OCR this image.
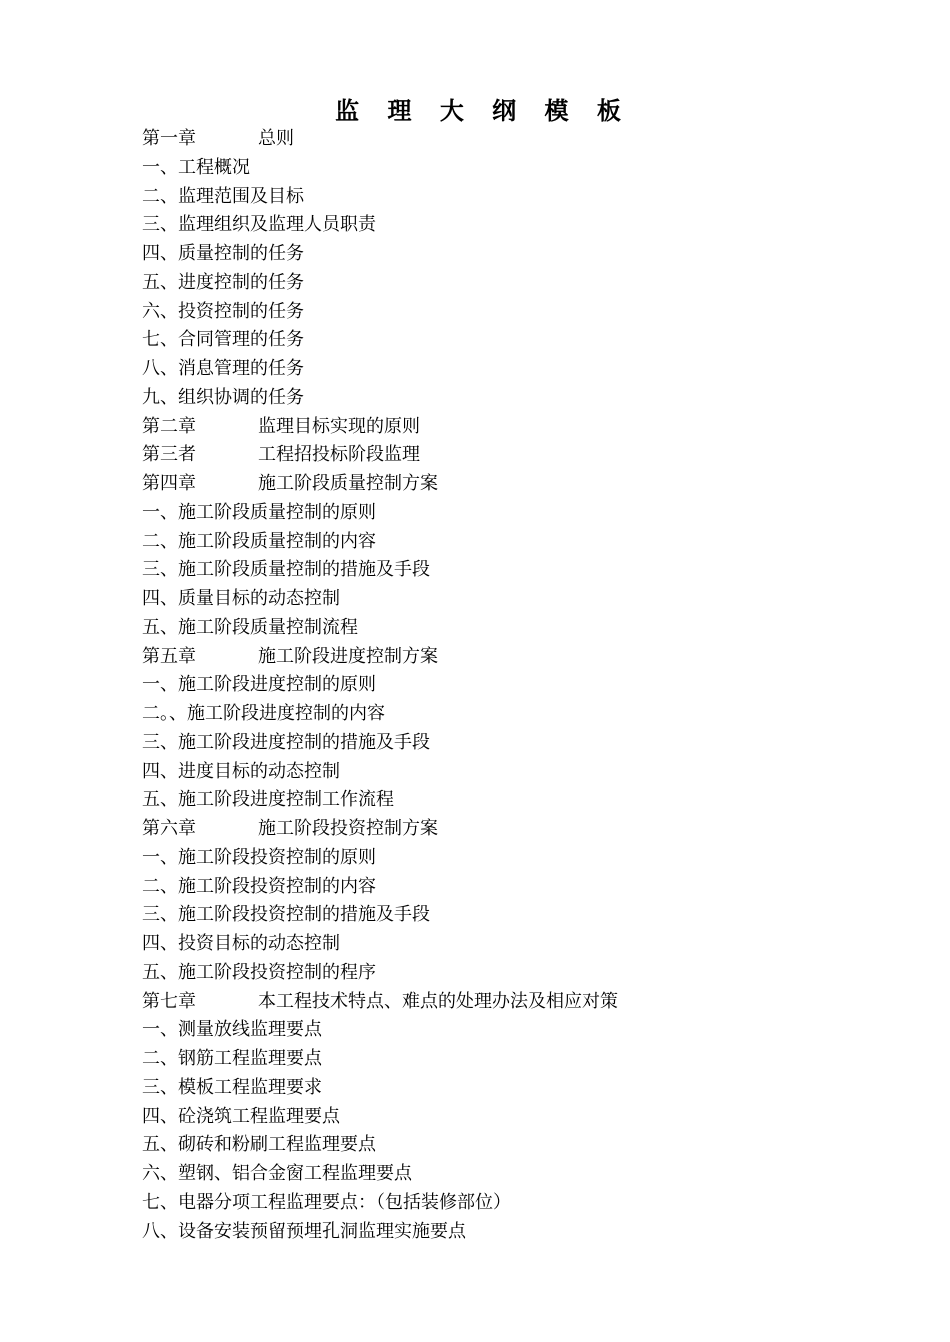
监 理 大 纲 模 板
第一章	总则
一、工程概况
二、监理范围及目标
三、监理组织及监理人员职责
四、质量控制的任务
五、进度控制的任务
六、投资控制的任务
七、合同管理的任务
八、消息管理的任务
九、组织协调的任务
第二章	监理目标实现的原则
第三者	工程招投标阶段监理
第四章	施工阶段质量控制方案
一、施工阶段质量控制的原则
二、施工阶段质量控制的内容
三、施工阶段质量控制的措施及手段
四、质量目标的动态控制
五、施工阶段质量控制流程
第五章	施工阶段进度控制方案
一、施工阶段进度控制的原则
二。、施工阶段进度控制的内容
三、施工阶段进度控制的措施及手段
四、进度目标的动态控制
五、施工阶段进度控制工作流程
第六章	施工阶段投资控制方案
一、施工阶段投资控制的原则
二、施工阶段投资控制的内容
三、施工阶段投资控制的措施及手段
四、投资目标的动态控制
五、施工阶段投资控制的程序
第七章	本工程技术特点、难点的处理办法及相应对策
一、测量放线监理要点
二、钢筋工程监理要点
三、模板工程监理要求
四、砼浇筑工程监理要点
五、砌砖和粉刷工程监理要点
六、塑钢、铝合金窗工程监理要点
七、电器分项工程监理要点：（包括装修部位）
八、设备安装预留预埋孔洞监理实施要点
